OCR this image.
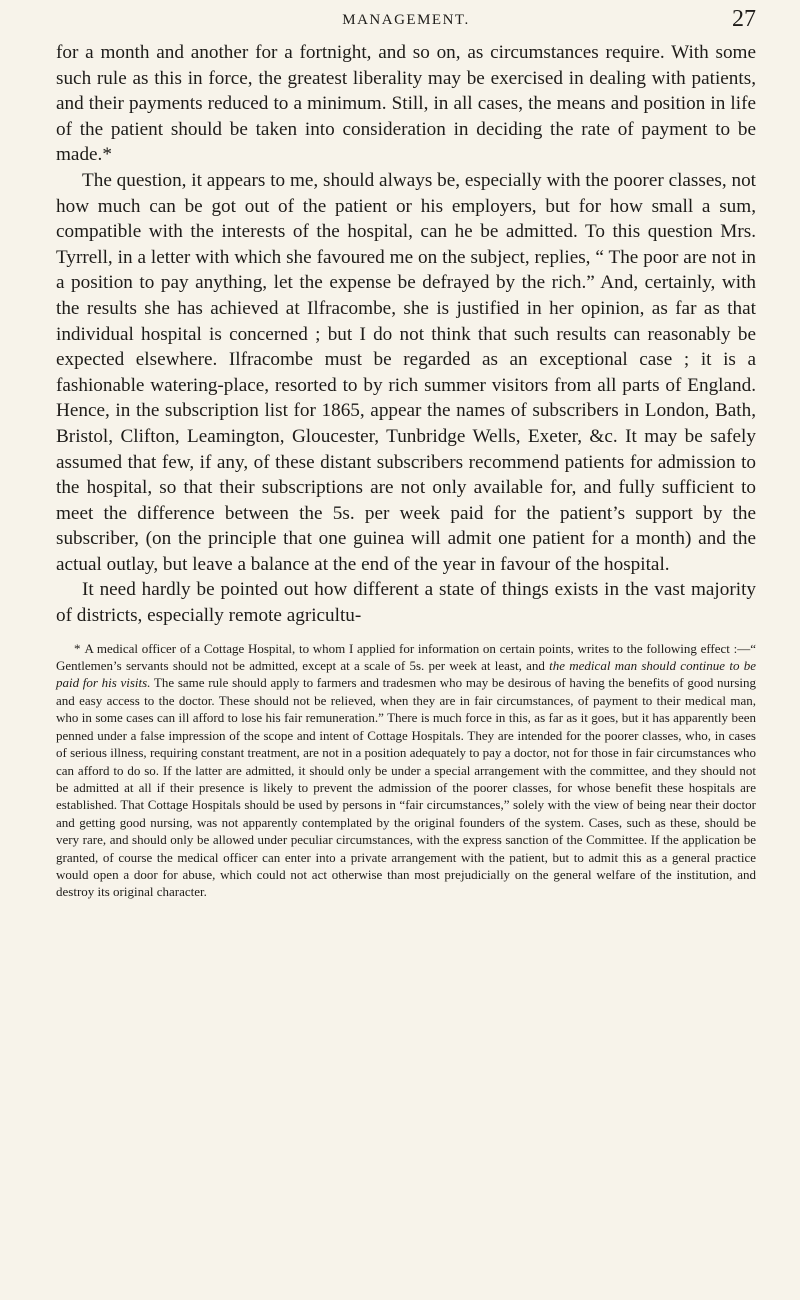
MANAGEMENT.	27

for a month and another for a fortnight, and so on, as circumstances require. With some such rule as this in force, the greatest liberality may be exercised in dealing with patients, and their payments reduced to a minimum. Still, in all cases, the means and position in life of the patient should be taken into consideration in deciding the rate of payment to be made.*

The question, it appears to me, should always be, especially with the poorer classes, not how much can be got out of the patient or his employers, but for how small a sum, compatible with the interests of the hospital, can he be admitted. To this question Mrs. Tyrrell, in a letter with which she favoured me on the subject, replies, “ The poor are not in a position to pay anything, let the expense be defrayed by the rich.” And, certainly, with the results she has achieved at Ilfracombe, she is justified in her opinion, as far as that individual hospital is concerned ; but I do not think that such results can reasonably be expected elsewhere. Ilfracombe must be regarded as an exceptional case ; it is a fashionable watering-place, resorted to by rich summer visitors from all parts of England. Hence, in the subscription list for 1865, appear the names of subscribers in London, Bath, Bristol, Clifton, Leamington, Gloucester, Tunbridge Wells, Exeter, &c. It may be safely assumed that few, if any, of these distant subscribers recommend patients for admission to the hospital, so that their subscriptions are not only available for, and fully sufficient to meet the difference between the 5s. per week paid for the patient’s support by the subscriber, (on the principle that one guinea will admit one patient for a month) and the actual outlay, but leave a balance at the end of the year in favour of the hospital.

It need hardly be pointed out how different a state of things exists in the vast majority of districts, especially remote agricultu-

* A medical officer of a Cottage Hospital, to whom I applied for information on certain points, writes to the following effect :—“ Gentlemen’s servants should not be admitted, except at a scale of 5s. per week at least, and the medical man should continue to be paid for his visits. The same rule should apply to farmers and tradesmen who may be desirous of having the benefits of good nursing and easy access to the doctor. These should not be relieved, when they are in fair circumstances, of payment to their medical man, who in some cases can ill afford to lose his fair remuneration.” There is much force in this, as far as it goes, but it has apparently been penned under a false impression of the scope and intent of Cottage Hospitals. They are intended for the poorer classes, who, in cases of serious illness, requiring constant treatment, are not in a position adequately to pay a doctor, not for those in fair circumstances who can afford to do so. If the latter are admitted, it should only be under a special arrangement with the committee, and they should not be admitted at all if their presence is likely to prevent the admission of the poorer classes, for whose benefit these hospitals are established. That Cottage Hospitals should be used by persons in “fair circumstances,” solely with the view of being near their doctor and getting good nursing, was not apparently contemplated by the original founders of the system. Cases, such as these, should be very rare, and should only be allowed under peculiar circumstances, with the express sanction of the Committee. If the application be granted, of course the medical officer can enter into a private arrangement with the patient, but to admit this as a general practice would open a door for abuse, which could not act otherwise than most prejudicially on the general welfare of the institution, and destroy its original character.
